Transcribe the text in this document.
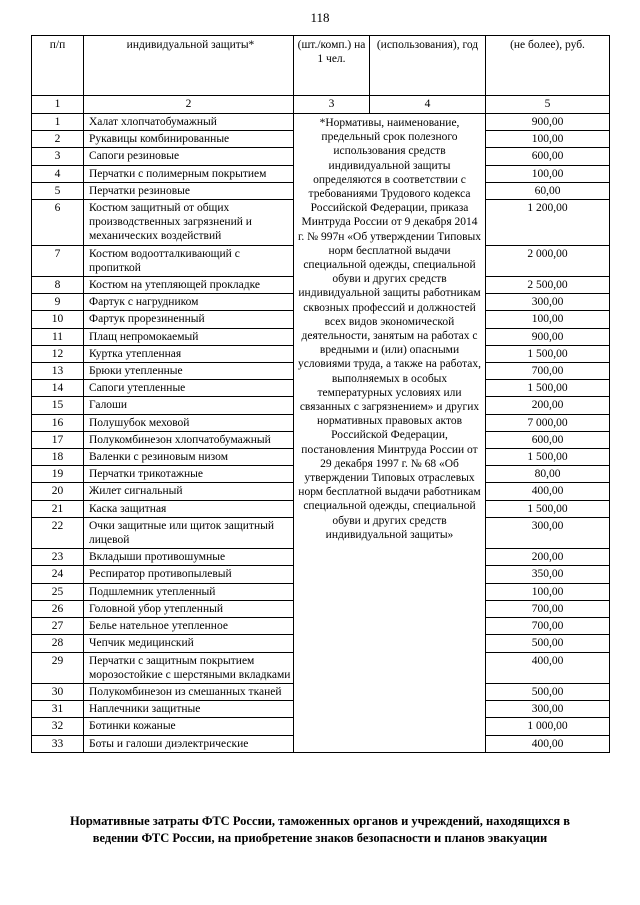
118
п/п	индивидуальной защиты*	(шт./комп.) на 1 чел.	(использования), год	(не более), руб.
1	2	3	4	5
1	Халат хлопчатобумажный	*Нормативы, наименование, предельный срок полезного использования средств индивидуальной защиты определяются в соответствии с требованиями Трудового кодекса Российской Федерации, приказа Минтруда России от 9 декабря 2014 г. № 997н «Об утверждении Типовых норм бесплатной выдачи специальной одежды, специальной обуви и других средств индивидуальной защиты работникам сквозных профессий и должностей всех видов экономической деятельности, занятым на работах с вредными и (или) опасными условиями труда, а также на работах, выполняемых в особых температурных условиях или связанных с загрязнением» и других нормативных правовых актов Российской Федерации, постановления Минтруда России от 29 декабря 1997 г. № 68 «Об утверждении Типовых отраслевых норм бесплатной выдачи работникам специальной одежды, специальной обуви и других средств индивидуальной защиты»		900,00
2	Рукавицы комбинированные			100,00
3	Сапоги резиновые			600,00
4	Перчатки с полимерным покрытием			100,00
5	Перчатки резиновые			60,00
6	Костюм защитный от общих производственных загрязнений и механических воздействий			1 200,00
7	Костюм водоотталкивающий с пропиткой			2 000,00
8	Костюм на утепляющей прокладке			2 500,00
9	Фартук с нагрудником			300,00
10	Фартук прорезиненный			100,00
11	Плащ непромокаемый			900,00
12	Куртка утепленная			1 500,00
13	Брюки утепленные			700,00
14	Сапоги утепленные			1 500,00
15	Галоши			200,00
16	Полушубок меховой			7 000,00
17	Полукомбинезон хлопчатобумажный			600,00
18	Валенки с резиновым низом			1 500,00
19	Перчатки трикотажные			80,00
20	Жилет сигнальный			400,00
21	Каска защитная			1 500,00
22	Очки защитные или щиток защитный лицевой			300,00
23	Вкладыши противошумные			200,00
24	Респиратор противопылевый			350,00
25	Подшлемник утепленный			100,00
26	Головной убор утепленный			700,00
27	Белье нательное утепленное			700,00
28	Чепчик медицинский			500,00
29	Перчатки с защитным покрытием морозостойкие с шерстяными вкладками			400,00
30	Полукомбинезон из смешанных тканей			500,00
31	Наплечники защитные			300,00
32	Ботинки кожаные			1 000,00
33	Боты и галоши диэлектрические			400,00
Нормативные затраты ФТС России, таможенных органов и учреждений, находящихся в ведении ФТС России, на приобретение знаков безопасности и планов эвакуации
